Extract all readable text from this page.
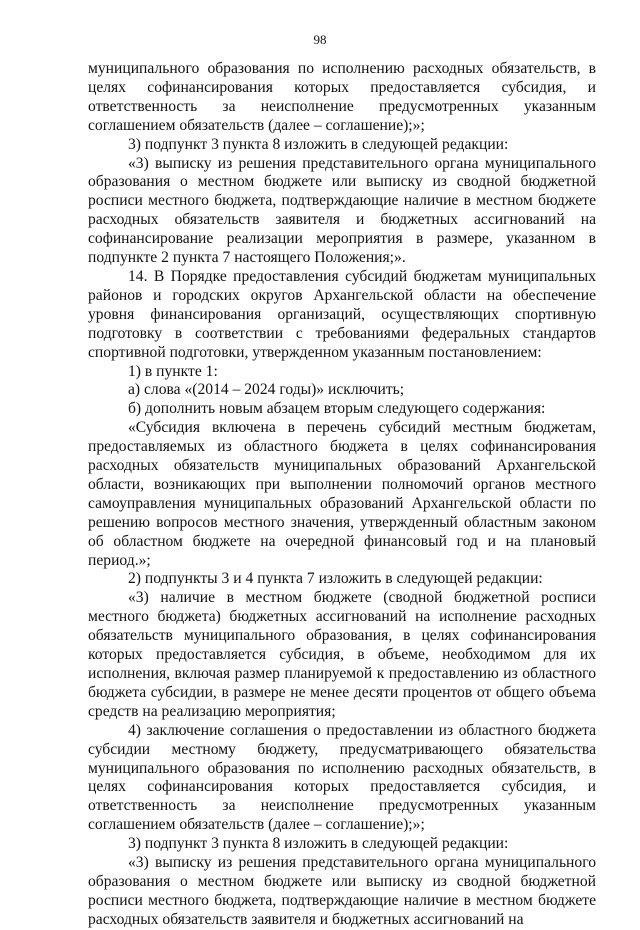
98

муниципального образования по исполнению расходных обязательств, в целях софинансирования которых предоставляется субсидия, и ответственность за неисполнение предусмотренных указанным соглашением обязательств (далее – соглашение);»;

3) подпункт 3 пункта 8 изложить в следующей редакции:

«3) выписку из решения представительного органа муниципального образования о местном бюджете или выписку из сводной бюджетной росписи местного бюджета, подтверждающие наличие в местном бюджете расходных обязательств заявителя и бюджетных ассигнований на софинансирование реализации мероприятия в размере, указанном в подпункте 2 пункта 7 настоящего Положения;».

14. В Порядке предоставления субсидий бюджетам муниципальных районов и городских округов Архангельской области на обеспечение уровня финансирования организаций, осуществляющих спортивную подготовку в соответствии с требованиями федеральных стандартов спортивной подготовки, утвержденном указанным постановлением:

1) в пункте 1:

а) слова «(2014 – 2024 годы)» исключить;

б) дополнить новым абзацем вторым следующего содержания:

«Субсидия включена в перечень субсидий местным бюджетам, предоставляемых из областного бюджета в целях софинансирования расходных обязательств муниципальных образований Архангельской области, возникающих при выполнении полномочий органов местного самоуправления муниципальных образований Архангельской области по решению вопросов местного значения, утвержденный областным законом об областном бюджете на очередной финансовый год и на плановый период.»;

2) подпункты 3 и 4 пункта 7 изложить в следующей редакции:

«3) наличие в местном бюджете (сводной бюджетной росписи местного бюджета) бюджетных ассигнований на исполнение расходных обязательств муниципального образования, в целях софинансирования которых предоставляется субсидия, в объеме, необходимом для их исполнения, включая размер планируемой к предоставлению из областного бюджета субсидии, в размере не менее десяти процентов от общего объема средств на реализацию мероприятия;

4) заключение соглашения о предоставлении из областного бюджета субсидии местному бюджету, предусматривающего обязательства муниципального образования по исполнению расходных обязательств, в целях софинансирования которых предоставляется субсидия, и ответственность за неисполнение предусмотренных указанным соглашением обязательств (далее – соглашение);»;

3) подпункт 3 пункта 8 изложить в следующей редакции:

«3) выписку из решения представительного органа муниципального образования о местном бюджете или выписку из сводной бюджетной росписи местного бюджета, подтверждающие наличие в местном бюджете расходных обязательств заявителя и бюджетных ассигнований на
